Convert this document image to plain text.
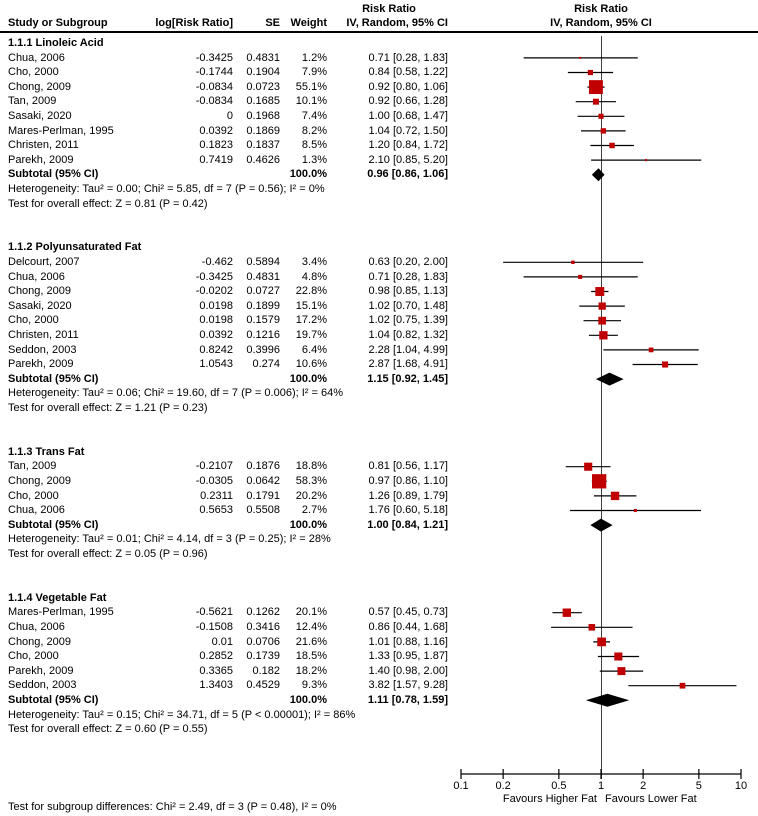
Risk Ratio	Risk Ratio
Study or Subgroup	log[Risk Ratio]	SE Weight	IV, Random, 95% CI	IV, Random, 95% CI
0.1 0.2	0.5	1	2	5	10
Favours Higher Fat Favours Lower Fat
1.1.1 Linoleic Acid
Chua, 2006	-0.3425	0.4831	1.2%	0.71 [0.28, 1.83]
Cho, 2000	-0.1744	0.1904	7.9%	0.84 [0.58, 1.22]
Chong, 2009	-0.0834	0.0723	55.1%	0.92 [0.80, 1.06]
Tan, 2009	-0.0834	0.1685	10.1%	0.92 [0.66, 1.28]
Sasaki, 2020	0	0.1968	7.4%	1.00 [0.68, 1.47]
Mares-Perlman, 1995	0.0392	0.1869	8.2%	1.04 [0.72, 1.50]
Christen, 2011	0.1823	0.1837	8.5%	1.20 [0.84, 1.72]
Parekh, 2009	0.7419	0.4626	1.3%	2.10 [0.85, 5.20]
Subtotal (95% CI)	100.0%	0.96 [0.86, 1.06]
Heterogeneity: Tau² = 0.00; Chi² = 5.85, df = 7 (P = 0.56); I² = 0%
Test for overall effect: Z = 0.81 (P = 0.42)
1.1.2 Polyunsaturated Fat
Delcourt, 2007	-0.462	0.5894	3.4%	0.63 [0.20, 2.00]
Chua, 2006	-0.3425	0.4831	4.8%	0.71 [0.28, 1.83]
Chong, 2009	-0.0202	0.0727	22.8%	0.98 [0.85, 1.13]
Sasaki, 2020	0.0198	0.1899	15.1%	1.02 [0.70, 1.48]
Cho, 2000	0.0198	0.1579	17.2%	1.02 [0.75, 1.39]
Christen, 2011	0.0392	0.1216	19.7%	1.04 [0.82, 1.32]
Seddon, 2003	0.8242	0.3996	6.4%	2.28 [1.04, 4.99]
Parekh, 2009	1.0543	0.274	10.6%	2.87 [1.68, 4.91]
Subtotal (95% CI)	100.0%	1.15 [0.92, 1.45]
Heterogeneity: Tau² = 0.06; Chi² = 19.60, df = 7 (P = 0.006); I² = 64%
Test for overall effect: Z = 1.21 (P = 0.23)
1.1.3 Trans Fat
Tan, 2009	-0.2107	0.1876	18.8%	0.81 [0.56, 1.17]
Chong, 2009	-0.0305	0.0642	58.3%	0.97 [0.86, 1.10]
Cho, 2000	0.2311	0.1791	20.2%	1.26 [0.89, 1.79]
Chua, 2006	0.5653	0.5508	2.7%	1.76 [0.60, 5.18]
Subtotal (95% CI)	100.0%	1.00 [0.84, 1.21]
Heterogeneity: Tau² = 0.01; Chi² = 4.14, df = 3 (P = 0.25); I² = 28%
Test for overall effect: Z = 0.05 (P = 0.96)
1.1.4 Vegetable Fat
Mares-Perlman, 1995	-0.5621	0.1262	20.1%	0.57 [0.45, 0.73]
Chua, 2006	-0.1508	0.3416	12.4%	0.86 [0.44, 1.68]
Chong, 2009	0.01	0.0706	21.6%	1.01 [0.88, 1.16]
Cho, 2000	0.2852	0.1739	18.5%	1.33 [0.95, 1.87]
Parekh, 2009	0.3365	0.182	18.2%	1.40 [0.98, 2.00]
Seddon, 2003	1.3403	0.4529	9.3%	3.82 [1.57, 9.28]
Subtotal (95% CI)	100.0%	1.11 [0.78, 1.59]
Heterogeneity: Tau² = 0.15; Chi² = 34.71, df = 5 (P < 0.00001); I² = 86%
Test for overall effect: Z = 0.60 (P = 0.55)
Test for subgroup differences: Chi² = 2.49, df = 3 (P = 0.48), I² = 0%
